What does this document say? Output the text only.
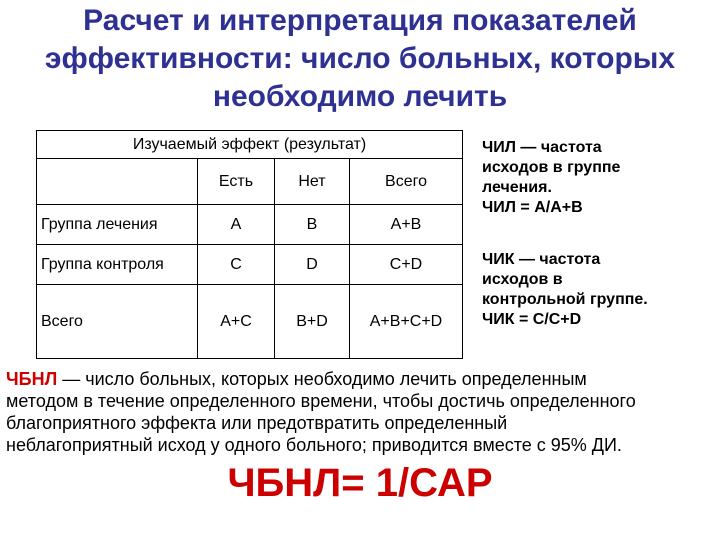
Расчет и интерпретация показателей
эффективности: число больных, которых
необходимо лечить
Изучаемый эффект (результат)			
	Есть	Нет	Всего
Группа лечения	A	B	A+B
Группа контроля	C	D	C+D
Всего	A+C	B+D	A+B+C+D
ЧИЛ — частота
исходов в группе
лечения.
ЧИЛ = А/А+В
ЧИК — частота
исходов в
контрольной группе.
ЧИК = С/С+D
ЧБНЛ — число больных, которых необходимо лечить определенным
методом в течение определенного времени, чтобы достичь определенного
благоприятного эффекта или предотвратить определенный
неблагоприятный исход у одного больного; приводится вместе с 95% ДИ.
ЧБНЛ= 1/САР
